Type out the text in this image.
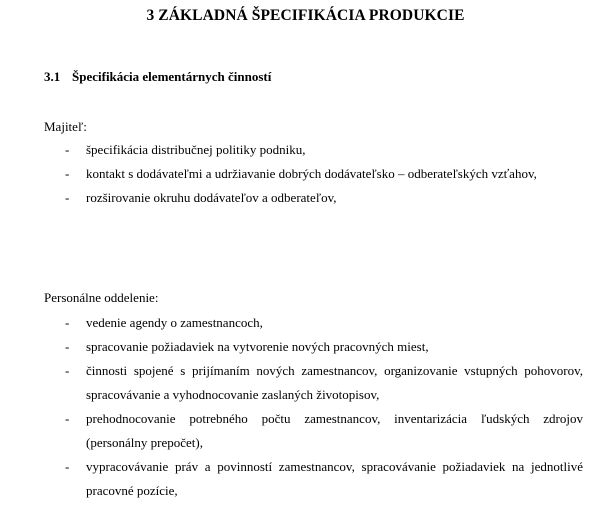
3 ZÁKLADNÁ ŠPECIFIKÁCIA PRODUKCIE
3.1 Špecifikácia elementárnych činností
Majiteľ:
- špecifikácia distribučnej politiky podniku,
- kontakt s dodávateľmi a udržiavanie dobrých dodávateľsko – odberateľských vzťahov,
- rozširovanie okruhu dodávateľov a odberateľov,
Personálne oddelenie:
- vedenie agendy o zamestnancoch,
- spracovanie požiadaviek na vytvorenie nových pracovných miest,
- činnosti spojené s prijímaním nových zamestnancov, organizovanie vstupných pohovorov, spracovávanie a vyhodnocovanie zaslaných životopisov,
- prehodnocovanie potrebného počtu zamestnancov, inventarizácia ľudských zdrojov (personálny prepočet),
- vypracovávanie práv a povinností zamestnancov, spracovávanie požiadaviek na jednotlivé pracovné pozície,
